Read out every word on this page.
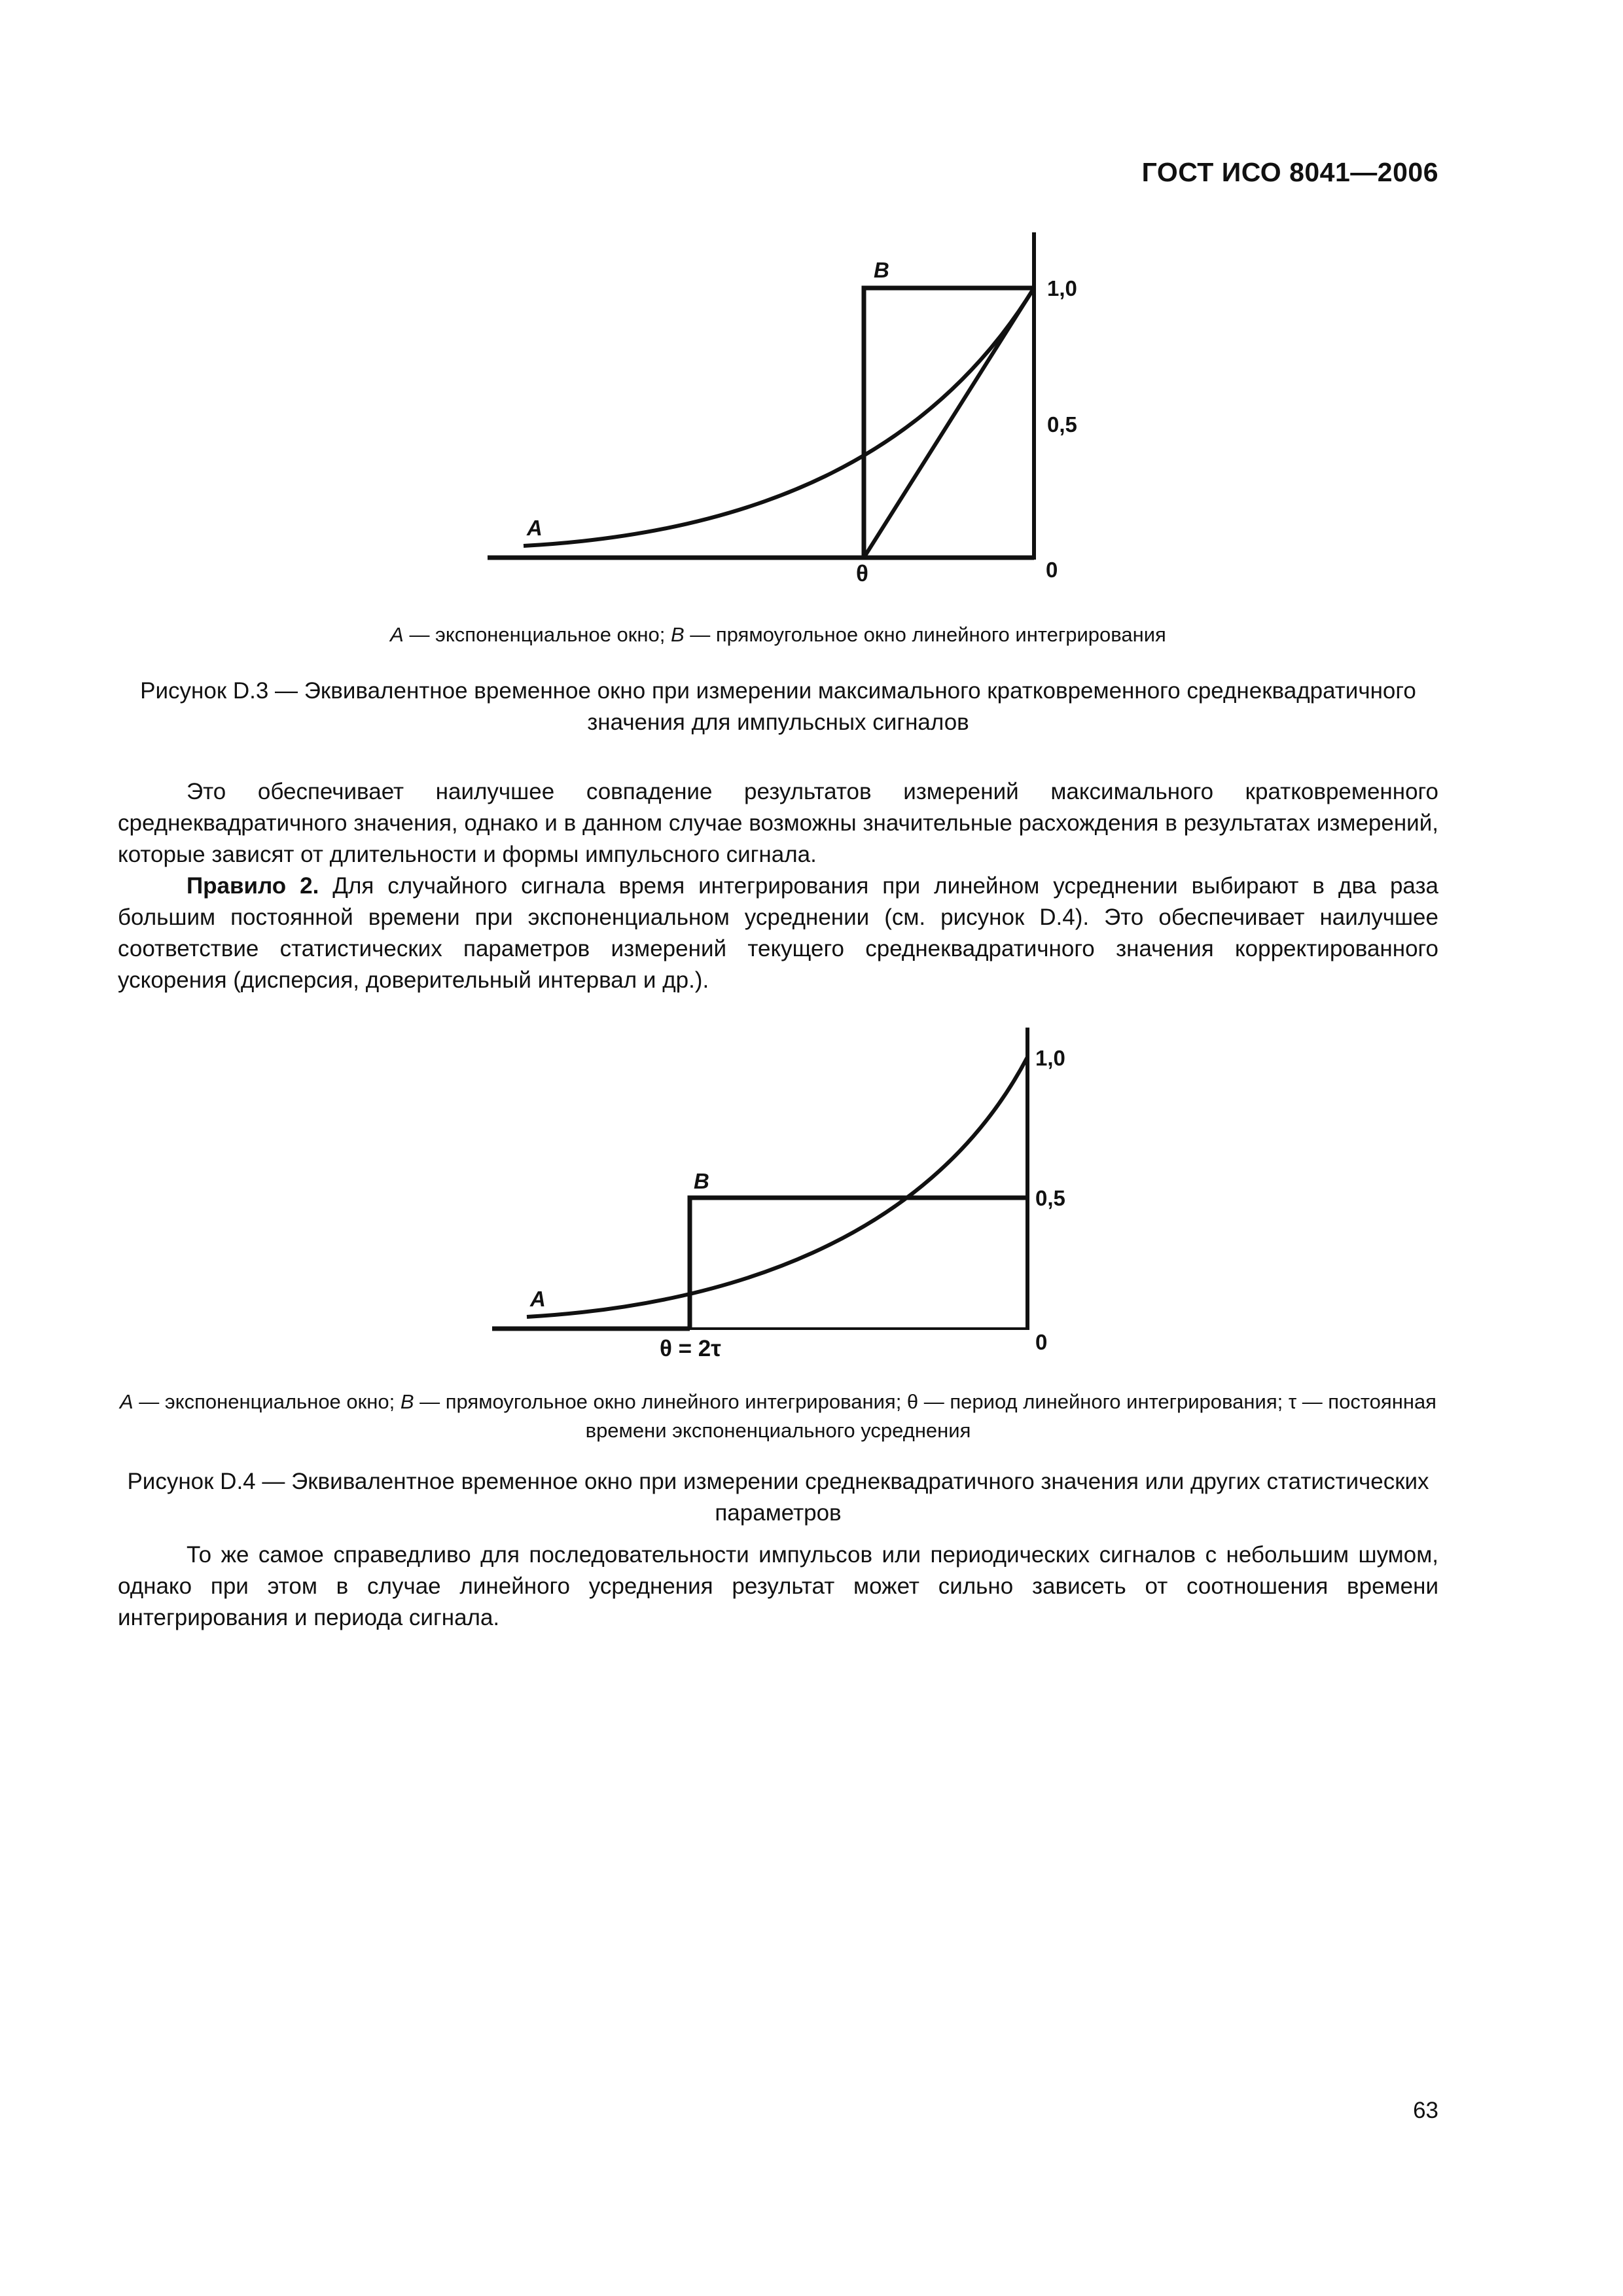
ГОСТ ИСО 8041—2006
B
A
1,0
0,5
0
θ
A — экспоненциальное окно; B — прямоугольное окно линейного интегрирования
Рисунок D.3 — Эквивалентное временное окно при измерении максимального кратковременного среднеквадратичного значения для импульсных сигналов
Это обеспечивает наилучшее совпадение результатов измерений максимального кратковременного среднеквадратичного значения, однако и в данном случае возможны значительные расхождения в результатах измерений, которые зависят от длительности и формы импульсного сигнала.
Правило 2. Для случайного сигнала время интегрирования при линейном усреднении выбирают в два раза большим постоянной времени при экспоненциальном усреднении (см. рисунок D.4). Это обеспечивает наилучшее соответствие статистических параметров измерений текущего среднеквадратичного значения корректированного ускорения (дисперсия, доверительный интервал и др.).
B
A
1,0
0,5
0
θ = 2τ
A — экспоненциальное окно; B — прямоугольное окно линейного интегрирования; θ — период линейного интегрирования; τ — постоянная времени экспоненциального усреднения
Рисунок D.4 — Эквивалентное временное окно при измерении среднеквадратичного значения или других статистических параметров
То же самое справедливо для последовательности импульсов или периодических сигналов с небольшим шумом, однако при этом в случае линейного усреднения результат может сильно зависеть от соотношения времени интегрирования и периода сигнала.
63
